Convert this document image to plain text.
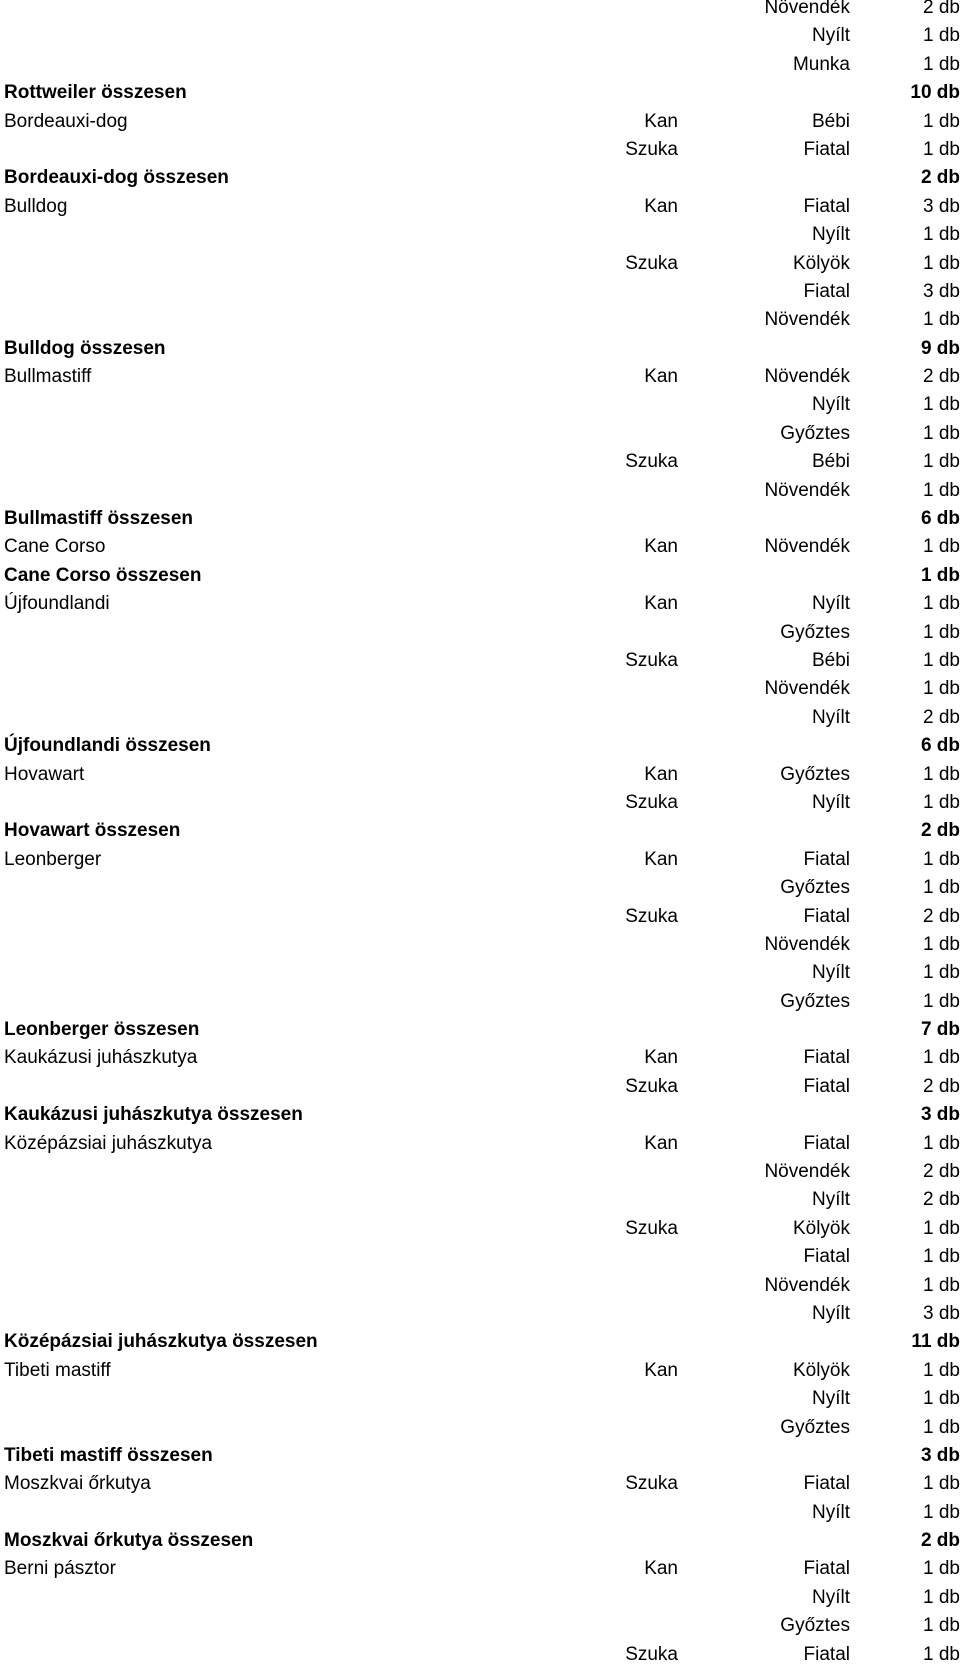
Növendék	2 db
Nyílt	1 db
Munka	1 db
Rottweiler összesen	10 db
Bordeauxi-dog	Kan	Bébi	1 db
Szuka	Fiatal	1 db
Bordeauxi-dog összesen	2 db
Bulldog	Kan	Fiatal	3 db
Nyílt	1 db
Szuka	Kölyök	1 db
Fiatal	3 db
Növendék	1 db
Bulldog összesen	9 db
Bullmastiff	Kan	Növendék	2 db
Nyílt	1 db
Győztes	1 db
Szuka	Bébi	1 db
Növendék	1 db
Bullmastiff összesen	6 db
Cane Corso	Kan	Növendék	1 db
Cane Corso összesen	1 db
Újfoundlandi	Kan	Nyílt	1 db
Győztes	1 db
Szuka	Bébi	1 db
Növendék	1 db
Nyílt	2 db
Újfoundlandi összesen	6 db
Hovawart	Kan	Győztes	1 db
Szuka	Nyílt	1 db
Hovawart összesen	2 db
Leonberger	Kan	Fiatal	1 db
Győztes	1 db
Szuka	Fiatal	2 db
Növendék	1 db
Nyílt	1 db
Győztes	1 db
Leonberger összesen	7 db
Kaukázusi juhászkutya	Kan	Fiatal	1 db
Szuka	Fiatal	2 db
Kaukázusi juhászkutya összesen	3 db
Középázsiai juhászkutya	Kan	Fiatal	1 db
Növendék	2 db
Nyílt	2 db
Szuka	Kölyök	1 db
Fiatal	1 db
Növendék	1 db
Nyílt	3 db
Középázsiai juhászkutya összesen	11 db
Tibeti mastiff	Kan	Kölyök	1 db
Nyílt	1 db
Győztes	1 db
Tibeti mastiff összesen	3 db
Moszkvai őrkutya	Szuka	Fiatal	1 db
Nyílt	1 db
Moszkvai őrkutya összesen	2 db
Berni pásztor	Kan	Fiatal	1 db
Nyílt	1 db
Győztes	1 db
Szuka	Fiatal	1 db
